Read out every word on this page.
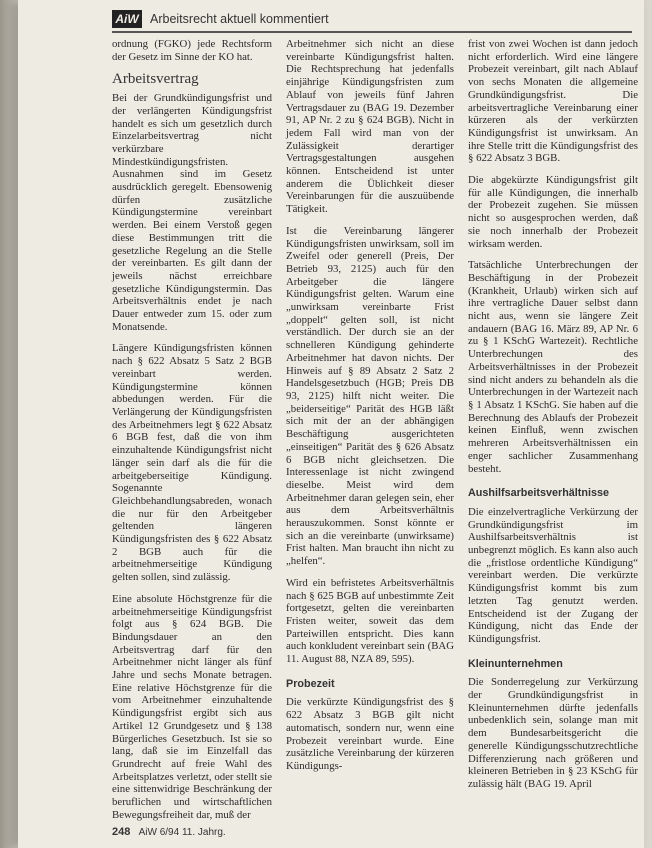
AiW Arbeitsrecht aktuell kommentiert

ordnung (FGKO) jede Rechtsform der Gesetz im Sinne der KO hat.

Arbeitsvertrag

Bei der Grundkündigungsfrist und der verlängerten Kündigungsfrist handelt es sich um gesetzlich durch Einzelarbeitsvertrag nicht verkürzbare Mindestkündigungsfristen. Ausnahmen sind im Gesetz ausdrücklich geregelt. Ebensowenig dürfen zusätzliche Kündigungstermine vereinbart werden. Bei einem Verstoß gegen diese Bestimmungen tritt die gesetzliche Regelung an die Stelle der vereinbarten. Es gilt dann der jeweils nächst erreichbare gesetzliche Kündigungstermin. Das Arbeitsverhältnis endet je nach Dauer entweder zum 15. oder zum Monatsende.

Längere Kündigungsfristen können nach § 622 Absatz 5 Satz 2 BGB vereinbart werden. Kündigungstermine können abbedungen werden. Für die Verlängerung der Kündigungsfristen des Arbeitnehmers legt § 622 Absatz 6 BGB fest, daß die von ihm einzuhaltende Kündigungsfrist nicht länger sein darf als die für die arbeitgeberseitige Kündigung. Sogenannte Gleichbehandlungsabreden, wonach die nur für den Arbeitgeber geltenden längeren Kündigungsfristen des § 622 Absatz 2 BGB auch für die arbeitnehmerseitige Kündigung gelten sollen, sind zulässig.

Eine absolute Höchstgrenze für die arbeitnehmerseitige Kündigungsfrist folgt aus § 624 BGB. Die Bindungsdauer an den Arbeitsvertrag darf für den Arbeitnehmer nicht länger als fünf Jahre und sechs Monate betragen. Eine relative Höchstgrenze für die vom Arbeitnehmer einzuhaltende Kündigungsfrist ergibt sich aus Artikel 12 Grundgesetz und § 138 Bürgerliches Gesetzbuch. Ist sie so lang, daß sie im Einzelfall das Grundrecht auf freie Wahl des Arbeitsplatzes verletzt, oder stellt sie eine sittenwidrige Beschränkung der beruflichen und wirtschaftlichen Bewegungsfreiheit dar, muß der

Arbeitnehmer sich nicht an diese vereinbarte Kündigungsfrist halten. Die Rechtsprechung hat jedenfalls einjährige Kündigungsfristen zum Ablauf von jeweils fünf Jahren Vertragsdauer zu (BAG 19. Dezember 91, AP Nr. 2 zu § 624 BGB). Nicht in jedem Fall wird man von der Zulässigkeit derartiger Vertragsgestaltungen ausgehen können. Entscheidend ist unter anderem die Üblichkeit dieser Vereinbarungen für die auszuübende Tätigkeit.

Ist die Vereinbarung längerer Kündigungsfristen unwirksam, soll im Zweifel oder generell (Preis, Der Betrieb 93, 2125) auch für den Arbeitgeber die längere Kündigungsfrist gelten. Warum eine „unwirksam vereinbarte Frist „doppelt“ gelten soll, ist nicht verständlich. Der durch sie an der schnelleren Kündigung gehinderte Arbeitnehmer hat davon nichts. Der Hinweis auf § 89 Absatz 2 Satz 2 Handelsgesetzbuch (HGB; Preis DB 93, 2125) hilft nicht weiter. Die „beiderseitige“ Parität des HGB läßt sich mit der an der abhängigen Beschäftigung ausgerichteten „einseitigen“ Parität des § 626 Absatz 6 BGB nicht gleichsetzen. Die Interessenlage ist nicht zwingend dieselbe. Meist wird dem Arbeitnehmer daran gelegen sein, eher aus dem Arbeitsverhältnis herauszukommen. Sonst könnte er sich an die vereinbarte (unwirksame) Frist halten. Man braucht ihn nicht zu „helfen“.

Wird ein befristetes Arbeitsverhältnis nach § 625 BGB auf unbestimmte Zeit fortgesetzt, gelten die vereinbarten Fristen weiter, soweit das dem Parteiwillen entspricht. Dies kann auch konkludent vereinbart sein (BAG 11. August 88, NZA 89, 595).

Probezeit

Die verkürzte Kündigungsfrist des § 622 Absatz 3 BGB gilt nicht automatisch, sondern nur, wenn eine Probezeit vereinbart wurde. Eine zusätzliche Vereinbarung der kürzeren Kündigungs-

frist von zwei Wochen ist dann jedoch nicht erforderlich. Wird eine längere Probezeit vereinbart, gilt nach Ablauf von sechs Monaten die allgemeine Grundkündigungsfrist. Die arbeitsvertragliche Vereinbarung einer kürzeren als der verkürzten Kündigungsfrist ist unwirksam. An ihre Stelle tritt die Kündigungsfrist des § 622 Absatz 3 BGB.

Die abgekürzte Kündigungsfrist gilt für alle Kündigungen, die innerhalb der Probezeit zugehen. Sie müssen nicht so ausgesprochen werden, daß sie noch innerhalb der Probezeit wirksam werden.

Tatsächliche Unterbrechungen der Beschäftigung in der Probezeit (Krankheit, Urlaub) wirken sich auf ihre vertragliche Dauer selbst dann nicht aus, wenn sie längere Zeit andauern (BAG 16. März 89, AP Nr. 6 zu § 1 KSchG Wartezeit). Rechtliche Unterbrechungen des Arbeitsverhältnisses in der Probezeit sind nicht anders zu behandeln als die Unterbrechungen in der Wartezeit nach § 1 Absatz 1 KSchG. Sie haben auf die Berechnung des Ablaufs der Probezeit keinen Einfluß, wenn zwischen mehreren Arbeitsverhältnissen ein enger sachlicher Zusammenhang besteht.

Aushilfsarbeitsverhältnisse

Die einzelvertragliche Verkürzung der Grundkündigungsfrist im Aushilfsarbeitsverhältnis ist unbegrenzt möglich. Es kann also auch die „fristlose ordentliche Kündigung“ vereinbart werden. Die verkürzte Kündigungsfrist kommt bis zum letzten Tag genutzt werden. Entscheidend ist der Zugang der Kündigung, nicht das Ende der Kündigungsfrist.

Kleinunternehmen

Die Sonderregelung zur Verkürzung der Grundkündigungsfrist in Kleinunternehmen dürfte jedenfalls unbedenklich sein, solange man mit dem Bundesarbeitsgericht die generelle Kündigungsschutzrechtliche Differenzierung nach größeren und kleineren Betrieben in § 23 KSchG für zulässig hält (BAG 19. April

248 AiW 6/94 11. Jahrg.
